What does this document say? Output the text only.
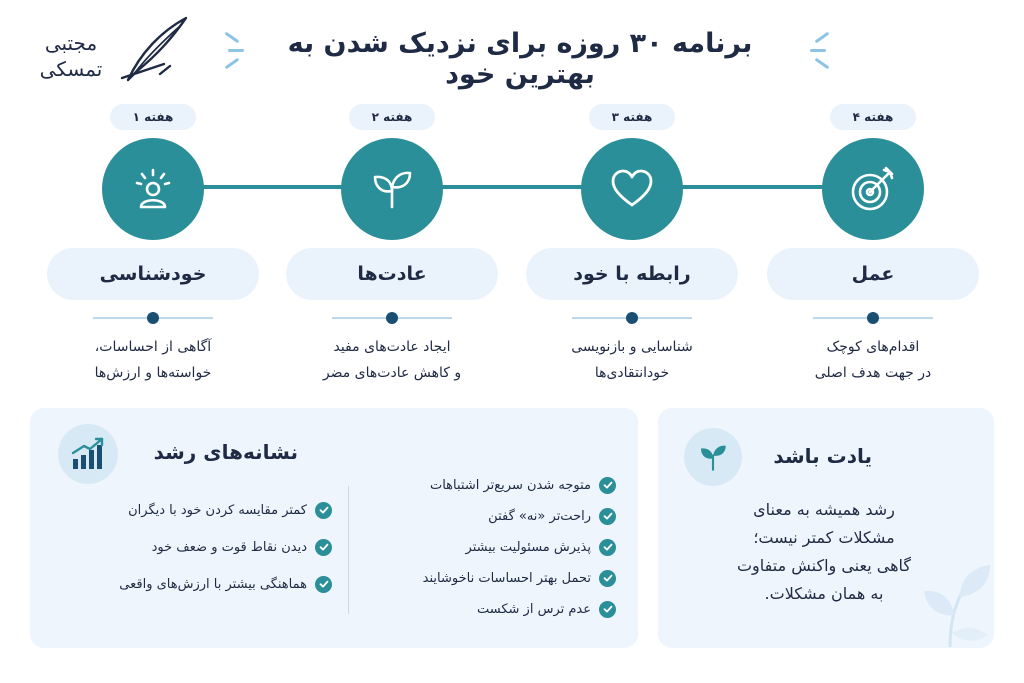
مجتبی
تمسکی
برنامه ۳۰ روزه برای نزدیک شدن به بهترین خود
هفته ۱
خودشناسی
آگاهی از احساسات،
خواسته‌ها و ارزش‌ها
هفته ۲
عادت‌ها
ایجاد عادت‌های مفید
و کاهش عادت‌های مضر
هفته ۳
رابطه با خود
شناسایی و بازنویسی
خودانتقادی‌ها
هفته ۴
عمل
اقدام‌های کوچک
در جهت هدف اصلی
نشانه‌های رشد
متوجه شدن سریع‌تر اشتباهات
راحت‌تر «نه» گفتن
پذیرش مسئولیت بیشتر
تحمل بهتر احساسات ناخوشایند
عدم ترس از شکست
کمتر مقایسه کردن خود با دیگران
دیدن نقاط قوت و ضعف خود
هماهنگی بیشتر با ارزش‌های واقعی
یادت باشد
رشد همیشه به معنای
مشکلات کمتر نیست؛
گاهی یعنی واکنش متفاوت
به همان مشکلات.
